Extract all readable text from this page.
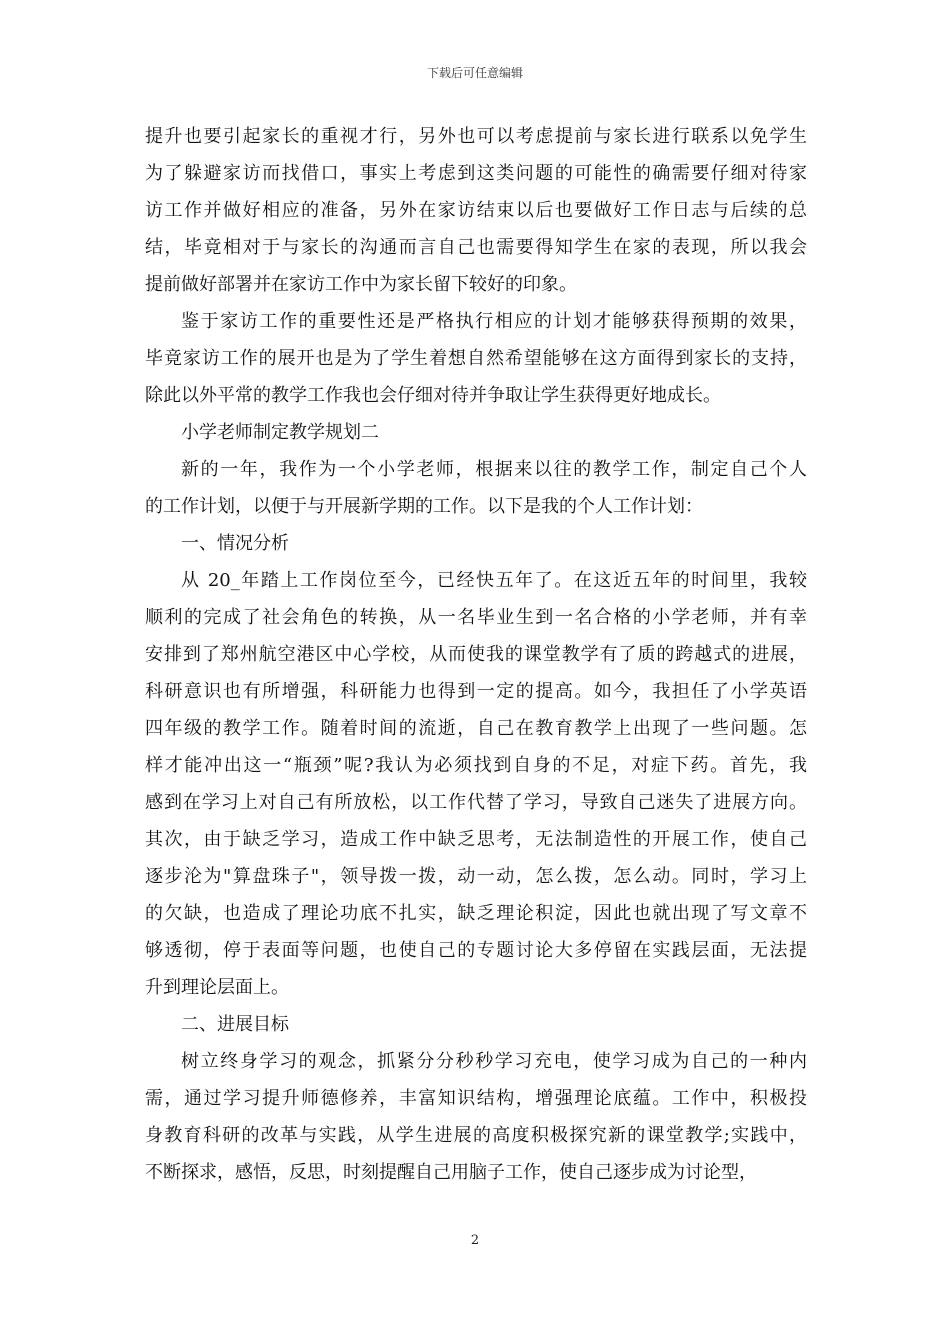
下载后可任意编辑
提升也要引起家长的重视才行，另外也可以考虑提前与家长进行联系以免学生
为了躲避家访而找借口，事实上考虑到这类问题的可能性的确需要仔细对待家
访工作并做好相应的准备，另外在家访结束以后也要做好工作日志与后续的总
结，毕竟相对于与家长的沟通而言自己也需要得知学生在家的表现，所以我会
提前做好部署并在家访工作中为家长留下较好的印象。
鉴于家访工作的重要性还是严格执行相应的计划才能够获得预期的效果，
毕竟家访工作的展开也是为了学生着想自然希望能够在这方面得到家长的支持，
除此以外平常的教学工作我也会仔细对待并争取让学生获得更好地成长。
小学老师制定教学规划二
新的一年，我作为一个小学老师，根据来以往的教学工作，制定自己个人
的工作计划，以便于与开展新学期的工作。以下是我的个人工作计划：
一、情况分析
从 20_年踏上工作岗位至今，已经快五年了。在这近五年的时间里，我较
顺利的完成了社会角色的转换，从一名毕业生到一名合格的小学老师，并有幸
安排到了郑州航空港区中心学校，从而使我的课堂教学有了质的跨越式的进展，
科研意识也有所增强，科研能力也得到一定的提高。如今，我担任了小学英语
四年级的教学工作。随着时间的流逝，自己在教育教学上出现了一些问题。怎
样才能冲出这一“瓶颈”呢?我认为必须找到自身的不足，对症下药。首先，我
感到在学习上对自己有所放松，以工作代替了学习，导致自己迷失了进展方向。
其次，由于缺乏学习，造成工作中缺乏思考，无法制造性的开展工作，使自己
逐步沦为"算盘珠子"，领导拨一拨，动一动，怎么拨，怎么动。同时，学习上
的欠缺，也造成了理论功底不扎实，缺乏理论积淀，因此也就出现了写文章不
够透彻，停于表面等问题，也使自己的专题讨论大多停留在实践层面，无法提
升到理论层面上。
二、进展目标
树立终身学习的观念，抓紧分分秒秒学习充电，使学习成为自己的一种内
需，通过学习提升师德修养，丰富知识结构，增强理论底蕴。工作中，积极投
身教育科研的改革与实践，从学生进展的高度积极探究新的课堂教学;实践中，
不断探求，感悟，反思，时刻提醒自己用脑子工作，使自己逐步成为讨论型，
2
